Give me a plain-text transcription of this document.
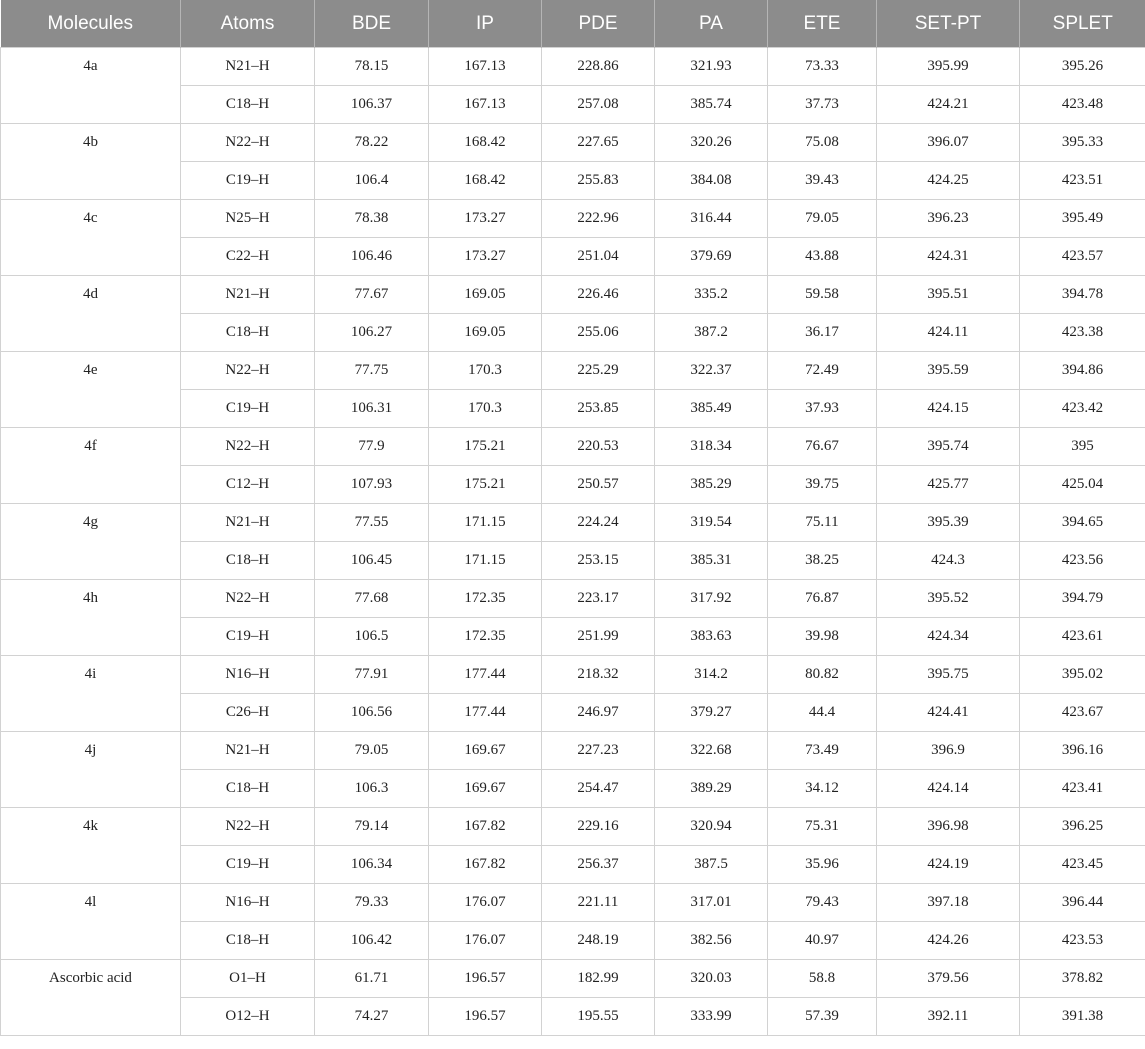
Molecules	Atoms	BDE	IP	PDE	PA	ETE	SET-PT	SPLET
4a	N21–H	78.15	167.13	228.86	321.93	73.33	395.99	395.26
	C18–H	106.37	167.13	257.08	385.74	37.73	424.21	423.48
4b	N22–H	78.22	168.42	227.65	320.26	75.08	396.07	395.33
	C19–H	106.4	168.42	255.83	384.08	39.43	424.25	423.51
4c	N25–H	78.38	173.27	222.96	316.44	79.05	396.23	395.49
	C22–H	106.46	173.27	251.04	379.69	43.88	424.31	423.57
4d	N21–H	77.67	169.05	226.46	335.2	59.58	395.51	394.78
	C18–H	106.27	169.05	255.06	387.2	36.17	424.11	423.38
4e	N22–H	77.75	170.3	225.29	322.37	72.49	395.59	394.86
	C19–H	106.31	170.3	253.85	385.49	37.93	424.15	423.42
4f	N22–H	77.9	175.21	220.53	318.34	76.67	395.74	395
	C12–H	107.93	175.21	250.57	385.29	39.75	425.77	425.04
4g	N21–H	77.55	171.15	224.24	319.54	75.11	395.39	394.65
	C18–H	106.45	171.15	253.15	385.31	38.25	424.3	423.56
4h	N22–H	77.68	172.35	223.17	317.92	76.87	395.52	394.79
	C19–H	106.5	172.35	251.99	383.63	39.98	424.34	423.61
4i	N16–H	77.91	177.44	218.32	314.2	80.82	395.75	395.02
	C26–H	106.56	177.44	246.97	379.27	44.4	424.41	423.67
4j	N21–H	79.05	169.67	227.23	322.68	73.49	396.9	396.16
	C18–H	106.3	169.67	254.47	389.29	34.12	424.14	423.41
4k	N22–H	79.14	167.82	229.16	320.94	75.31	396.98	396.25
	C19–H	106.34	167.82	256.37	387.5	35.96	424.19	423.45
4l	N16–H	79.33	176.07	221.11	317.01	79.43	397.18	396.44
	C18–H	106.42	176.07	248.19	382.56	40.97	424.26	423.53
Ascorbic acid	O1–H	61.71	196.57	182.99	320.03	58.8	379.56	378.82
	O12–H	74.27	196.57	195.55	333.99	57.39	392.11	391.38
